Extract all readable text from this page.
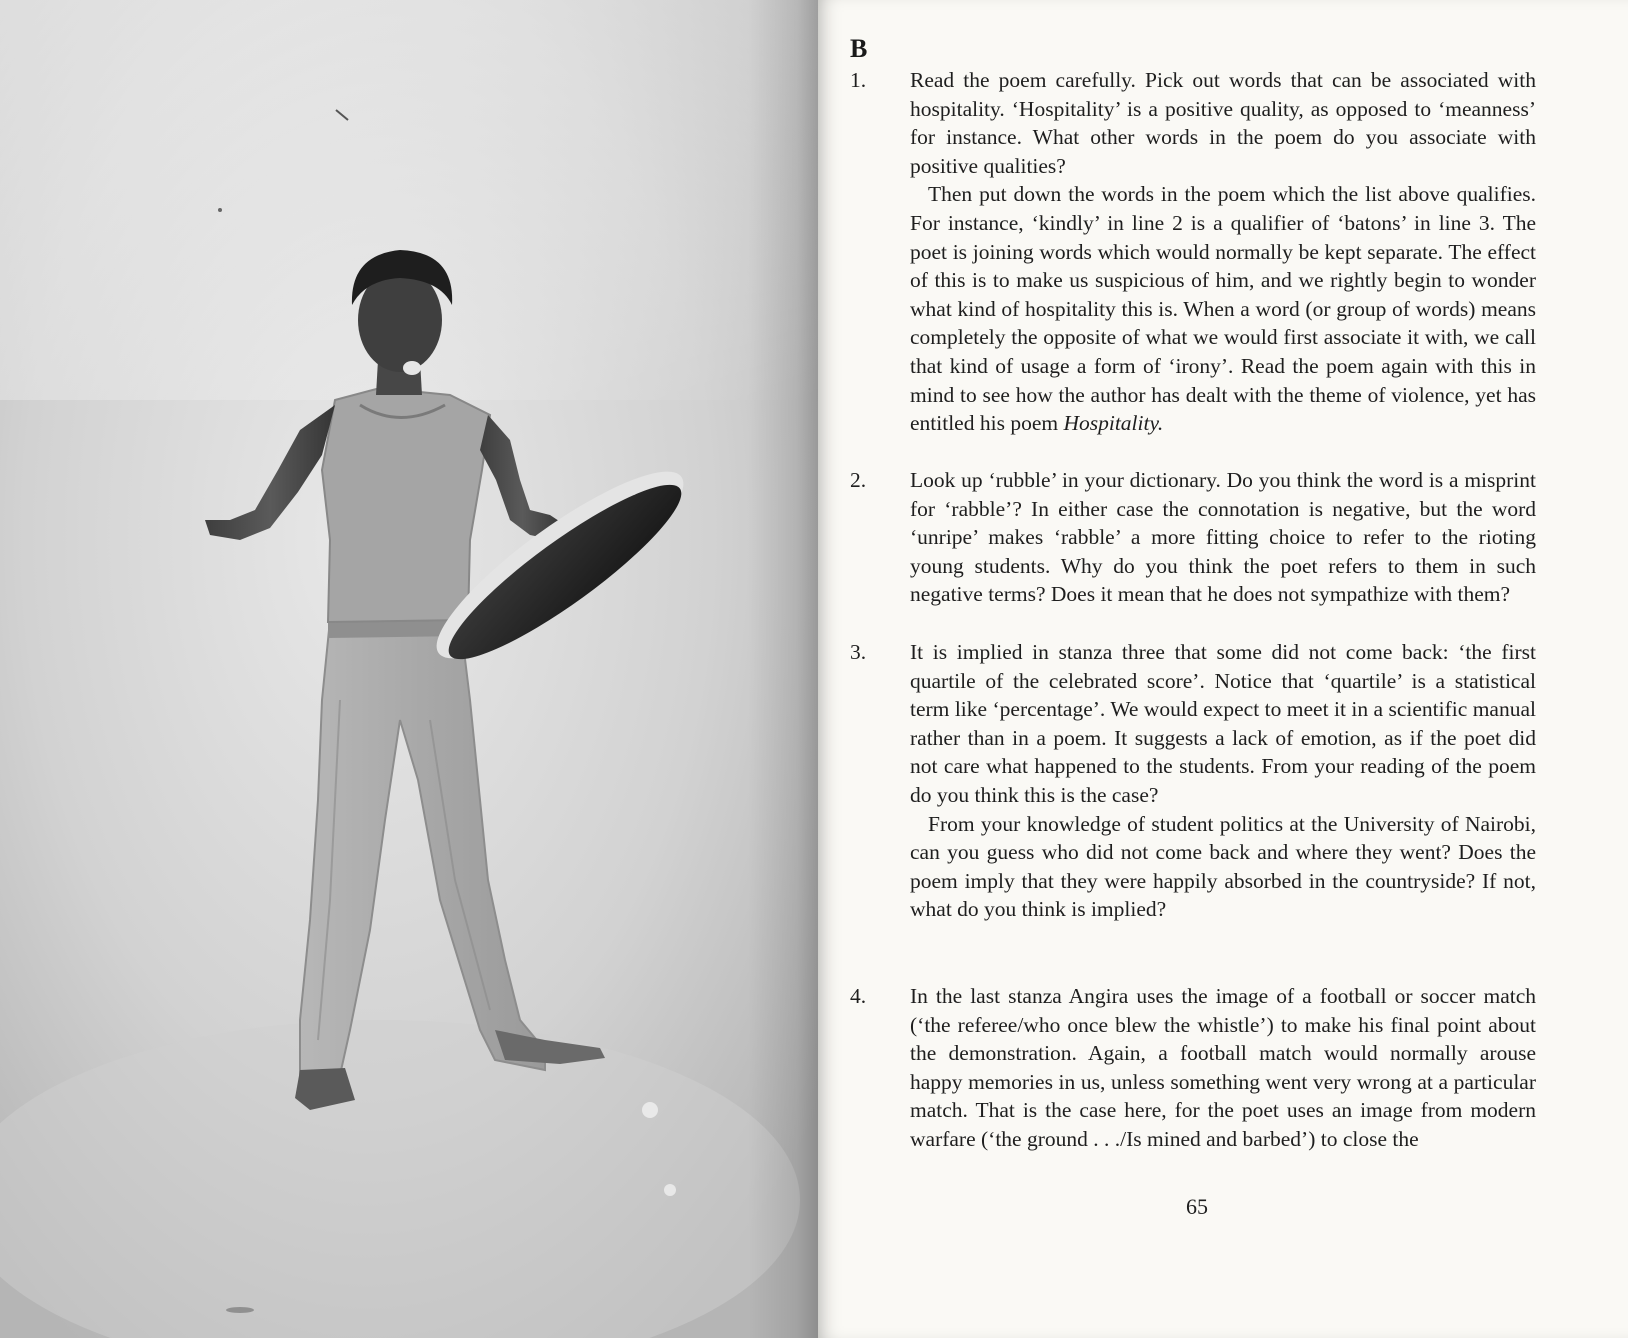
B
1.	Read the poem carefully. Pick out words that can be associated with hospitality. ‘Hospitality’ is a positive quality, as opposed to ‘meanness’ for instance. What other words in the poem do you associate with positive qualities?

Then put down the words in the poem which the list above qualifies. For instance, ‘kindly’ in line 2 is a qualifier of ‘batons’ in line 3. The poet is joining words which would normally be kept separate. The effect of this is to make us suspicious of him, and we rightly begin to wonder what kind of hospitality this is. When a word (or group of words) means completely the opposite of what we would first associate it with, we call that kind of usage a form of ‘irony’. Read the poem again with this in mind to see how the author has dealt with the theme of violence, yet has entitled his poem Hospitality.

2.	Look up ‘rubble’ in your dictionary. Do you think the word is a misprint for ‘rabble’? In either case the connotation is negative, but the word ‘unripe’ makes ‘rabble’ a more fitting choice to refer to the rioting young students. Why do you think the poet refers to them in such negative terms? Does it mean that he does not sympathize with them?

3.	It is implied in stanza three that some did not come back: ‘the first quartile of the celebrated score’. Notice that ‘quartile’ is a statistical term like ‘percentage’. We would expect to meet it in a scientific manual rather than in a poem. It suggests a lack of emotion, as if the poet did not care what happened to the students. From your reading of the poem do you think this is the case?

From your knowledge of student politics at the University of Nairobi, can you guess who did not come back and where they went? Does the poem imply that they were happily absorbed in the countryside? If not, what do you think is implied?

4.	In the last stanza Angira uses the image of a football or soccer match (‘the referee/who once blew the whistle’) to make his final point about the demonstration. Again, a football match would normally arouse happy memories in us, unless something went very wrong at a particular match. That is the case here, for the poet uses an image from modern warfare (‘the ground . . ./Is mined and barbed’) to close the

65
